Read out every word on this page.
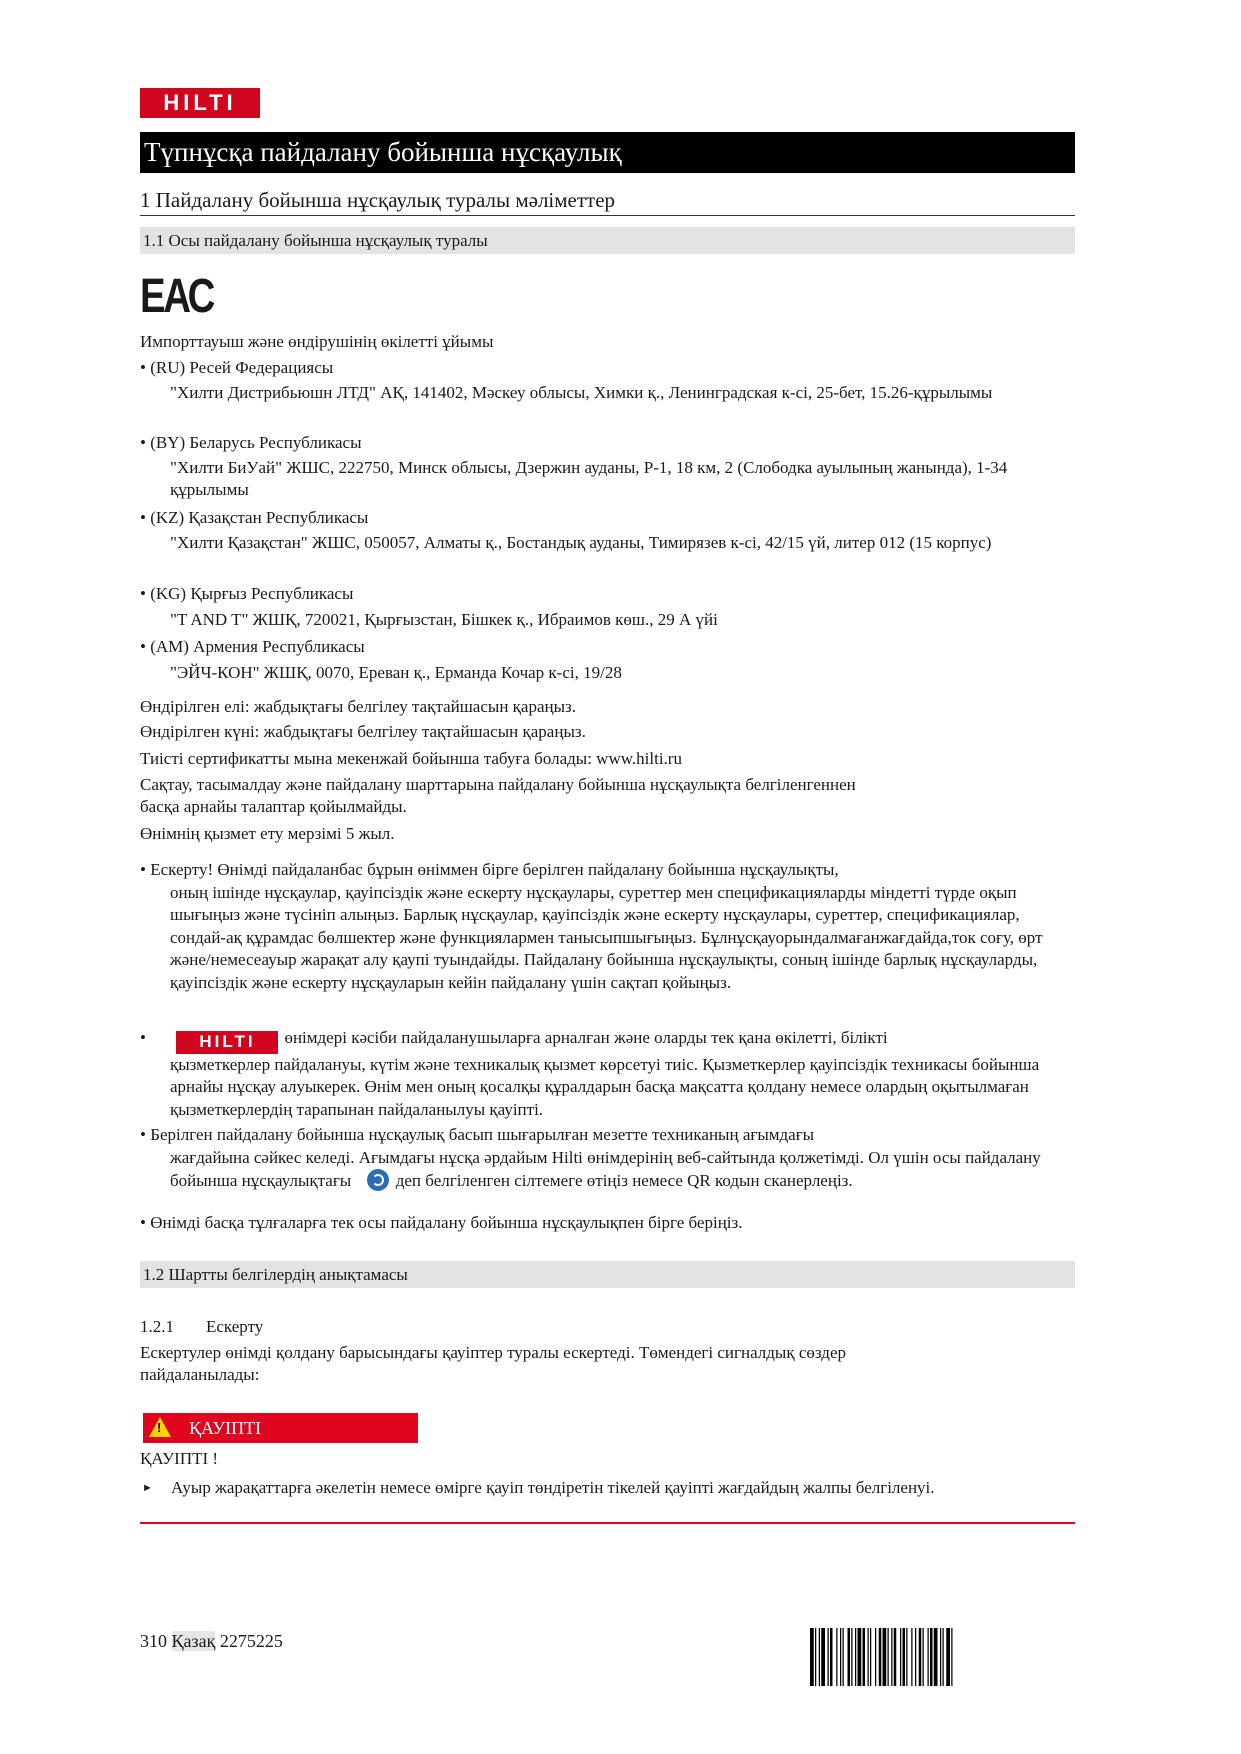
HILTI
Түпнұсқа пайдалану бойынша нұсқаулық
1 Пайдалану бойынша нұсқаулық туралы мәліметтер
1.1 Осы пайдалану бойынша нұсқаулық туралы
ЕАС
Импорттауыш және өндірушінің өкілетті ұйымы
• (RU) Ресей Федерациясы
"Хилти Дистрибьюшн ЛТД" АҚ, 141402, Мәскеу облысы, Химки қ., Ленинградская к-сі, 25-бет, 15.26-құрылымы
• (BY) Беларусь Республикасы
"Хилти БиУай" ЖШС, 222750, Минск облысы, Дзержин ауданы, Р-1, 18 км, 2 (Слободка ауылының жанында), 1-34 құрылымы
• (KZ) Қазақстан Республикасы
"Хилти Қазақстан" ЖШС, 050057, Алматы қ., Бостандық ауданы, Тимирязев к-сі, 42/15 үй, литер 012 (15 корпус)
• (KG) Қырғыз Республикасы
"T AND T" ЖШҚ, 720021, Қырғызстан, Бішкек қ., Ибраимов көш., 29 А үйі
• (AM) Армения Республикасы
"ЭЙЧ-КОН" ЖШҚ, 0070, Ереван қ., Ерманда Кочар к-сі, 19/28
Өндірілген елі: жабдықтағы белгілеу тақтайшасын қараңыз.
Өндірілген күні: жабдықтағы белгілеу тақтайшасын қараңыз.
Тиісті сертификатты мына мекенжай бойынша табуға болады: www.hilti.ru
Сақтау, тасымалдау және пайдалану шарттарына пайдалану бойынша нұсқаулықта белгіленгеннен
басқа арнайы талаптар қойылмайды.
Өнімнің қызмет ету мерзімі 5 жыл.
• Ескерту! Өнімді пайдаланбас бұрын өніммен бірге берілген пайдалану бойынша нұсқаулықты,
оның ішінде нұсқаулар, қауіпсіздік және ескерту нұсқаулары, суреттер мен спецификацияларды міндетті түрде оқып шығыңыз және түсініп алыңыз. Барлық нұсқаулар, қауіпсіздік және ескерту нұсқаулары, суреттер, спецификациялар, сондай-ақ құрамдас бөлшектер және функциялармен танысыпшығыңыз. Бұлнұсқауорындалмағанжағдайда,ток соғу, өрт және/немесеауыр жарақат алу қаупі туындайды. Пайдалану бойынша нұсқаулықты, соның ішінде барлық нұсқауларды, қауіпсіздік және ескерту нұсқауларын кейін пайдалану үшін сақтап қойыңыз.
•	HILTI өнімдері кәсіби пайдаланушыларға арналған және оларды тек қана өкілетті, білікті
қызметкерлер пайдалануы, күтім және техникалық қызмет көрсетуі тиіс. Қызметкерлер қауіпсіздік техникасы бойынша арнайы нұсқау алуыкерек. Өнім мен оның қосалқы құралдарын басқа мақсатта қолдану немесе олардың оқытылмаған қызметкерлердің тарапынан пайдаланылуы қауіпті.
• Берілген пайдалану бойынша нұсқаулық басып шығарылған мезетте техниканың ағымдағы
жағдайына сәйкес келеді. Ағымдағы нұсқа әрдайым Hilti өнімдерінің веб-сайтында қолжетімді. Ол үшін осы пайдалану бойынша нұсқаулықтағы	деп белгіленген сілтемеге өтіңіз немесе QR кодын сканерлеңіз.
• Өнімді басқа тұлғаларға тек осы пайдалану бойынша нұсқаулықпен бірге беріңіз.
1.2 Шартты белгілердің анықтамасы
1.2.1 Ескерту
Ескертулер өнімді қолдану барысындағы қауіптер туралы ескертеді. Төмендегі сигналдық сөздер
пайдаланылады:
! ҚАУІПТІ
ҚАУІПТІ !
►	Ауыр жарақаттарға әкелетін немесе өмірге қауіп төндіретін тікелей қауіпті жағдайдың жалпы белгіленуі.
310 Қазақ 2275225
